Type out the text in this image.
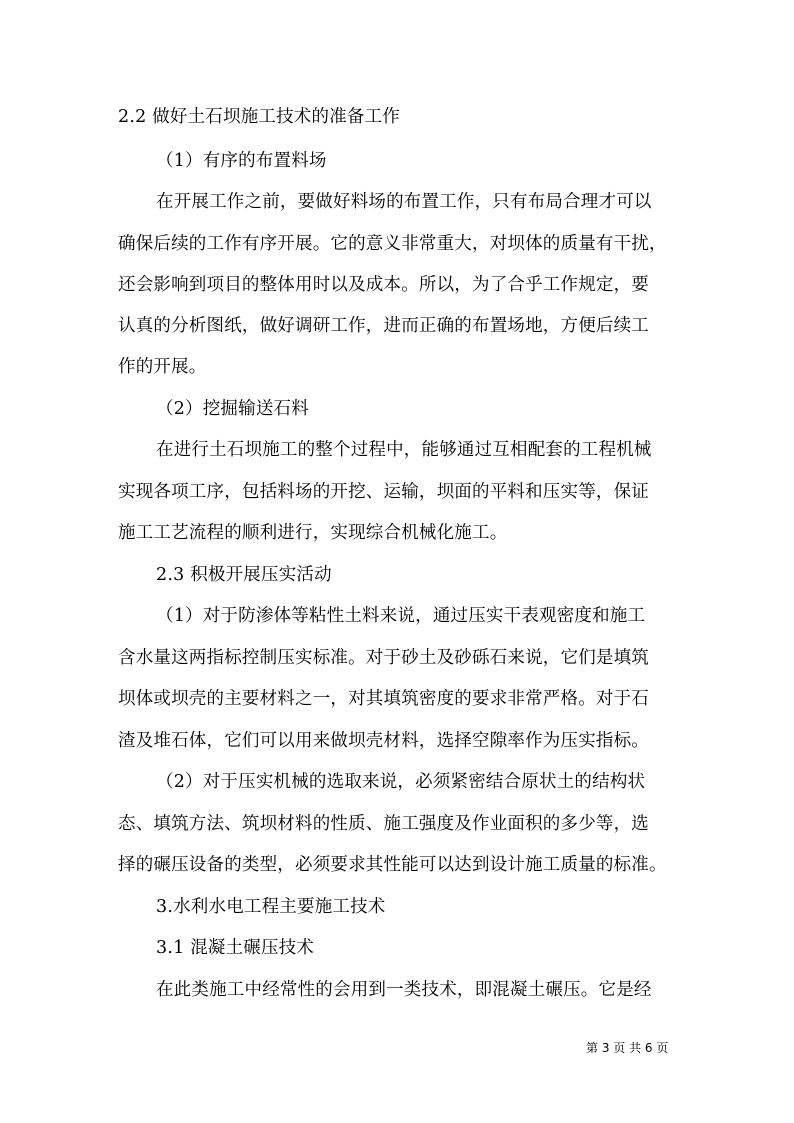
2.2 做好土石坝施工技术的准备工作
（1）有序的布置料场
在开展工作之前，要做好料场的布置工作，只有布局合理才可以
确保后续的工作有序开展。它的意义非常重大，对坝体的质量有干扰，
还会影响到项目的整体用时以及成本。所以，为了合乎工作规定，要
认真的分析图纸，做好调研工作，进而正确的布置场地，方便后续工
作的开展。
（2）挖掘输送石料
在进行土石坝施工的整个过程中，能够通过互相配套的工程机械
实现各项工序，包括料场的开挖、运输，坝面的平料和压实等，保证
施工工艺流程的顺利进行，实现综合机械化施工。
2.3 积极开展压实活动
（1）对于防渗体等粘性土料来说，通过压实干表观密度和施工
含水量这两指标控制压实标准。对于砂土及砂砾石来说，它们是填筑
坝体或坝壳的主要材料之一，对其填筑密度的要求非常严格。对于石
渣及堆石体，它们可以用来做坝壳材料，选择空隙率作为压实指标。
（2）对于压实机械的选取来说，必须紧密结合原状土的结构状
态、填筑方法、筑坝材料的性质、施工强度及作业面积的多少等，选
择的碾压设备的类型，必须要求其性能可以达到设计施工质量的标准。
3.水利水电工程主要施工技术
3.1 混凝土碾压技术
在此类施工中经常性的会用到一类技术，即混凝土碾压。它是经
第 3 页 共 6 页
